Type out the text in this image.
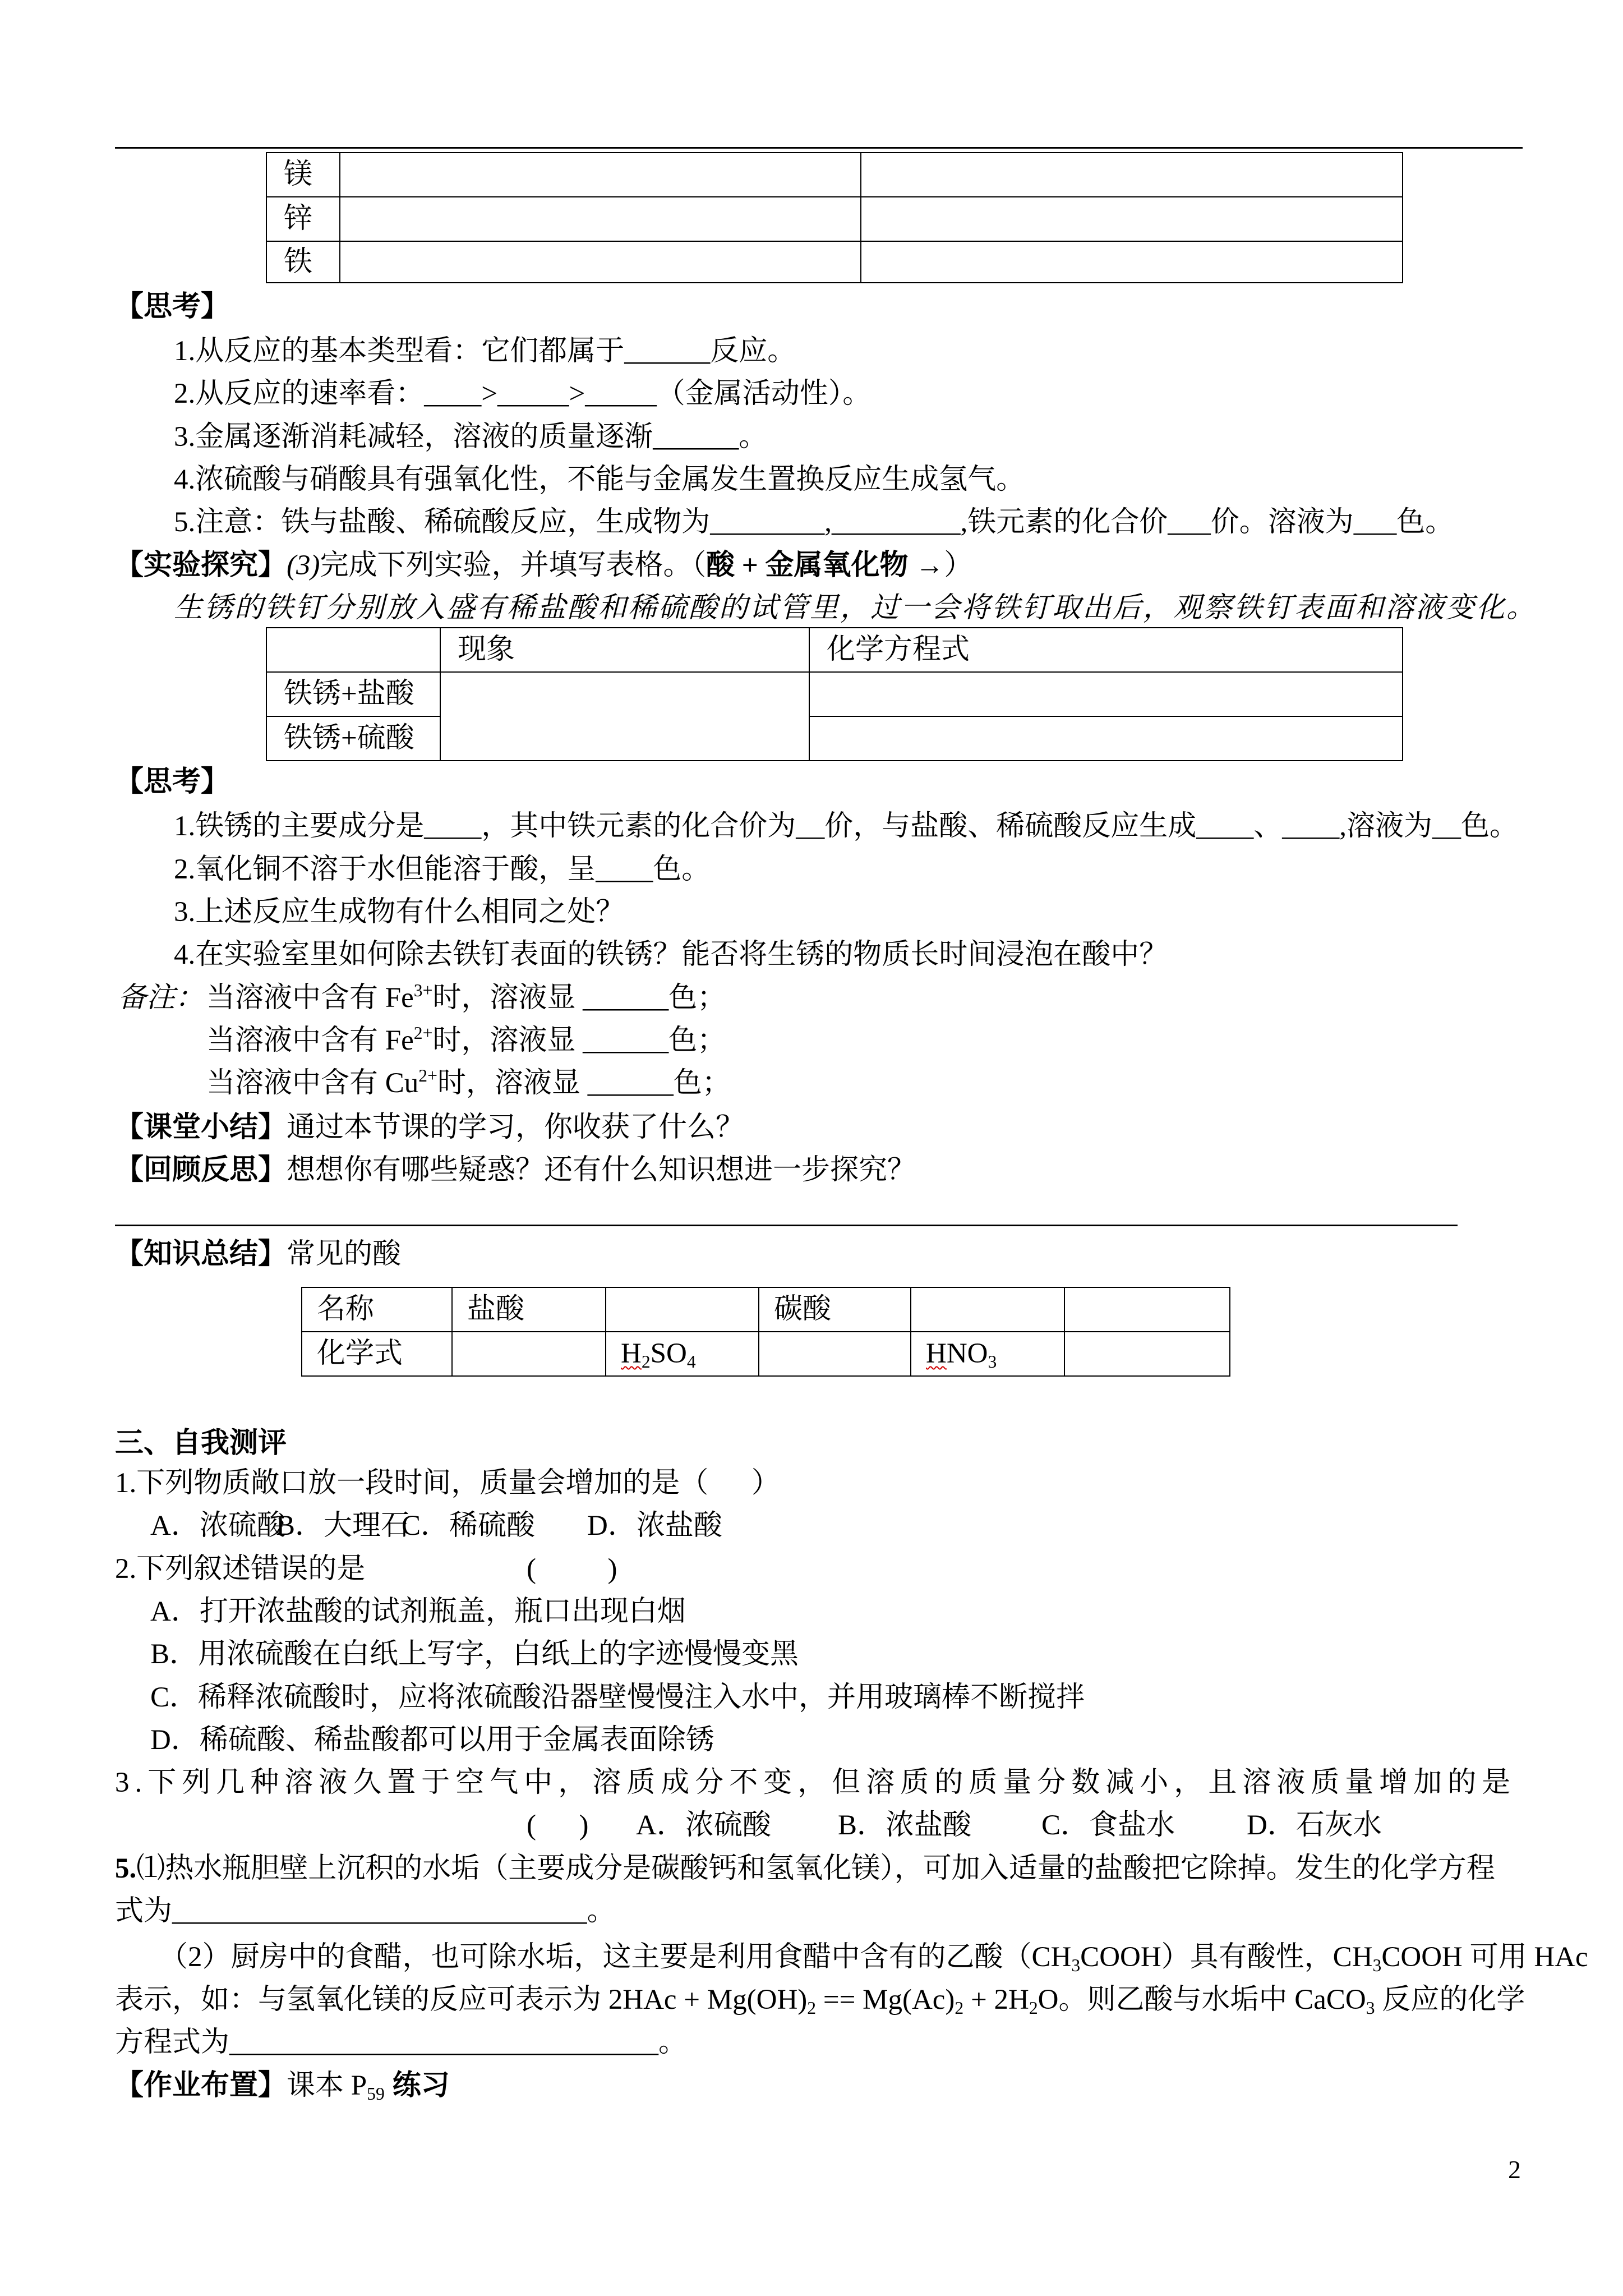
镁		
锌		
铁		
【思考】
1.从反应的基本类型看：它们都属于______反应。
2.从反应的速率看：____>_____>_____（金属活动性）。
3.金属逐渐消耗减轻，溶液的质量逐渐______。
4.浓硫酸与硝酸具有强氧化性，不能与金属发生置换反应生成氢气。
5.注意：铁与盐酸、稀硫酸反应，生成物为________,_________,铁元素的化合价___价。溶液为___色。
【实验探究】(3)完成下列实验，并填写表格。（酸 + 金属氧化物 →）
生锈的铁钉分别放入盛有稀盐酸和稀硫酸的试管里，过一会将铁钉取出后，观察铁钉表面和溶液变化。
	现象	化学方程式
铁锈+盐酸		
铁锈+硫酸		
【思考】
1.铁锈的主要成分是____，其中铁元素的化合价为__价，与盐酸、稀硫酸反应生成____、____,溶液为__色。
2.氧化铜不溶于水但能溶于酸，呈____色。
3.上述反应生成物有什么相同之处？
4.在实验室里如何除去铁钉表面的铁锈？能否将生锈的物质长时间浸泡在酸中？
备注： 当溶液中含有 $Fe^{3+}$时，溶液显 ______色；
当溶液中含有 $Fe^{2+}$时，溶液显 ______色；
当溶液中含有 $Cu^{2+}$时，溶液显 ______色；
【课堂小结】通过本节课的学习，你收获了什么？
【回顾反思】想想你有哪些疑惑？还有什么知识想进一步探究？
【知识总结】常见的酸
名称	盐酸		碳酸		
化学式		$H_2SO_4$		$HNO_3$	
三、自我测评
1.下列物质敞口放一段时间，质量会增加的是（      ）
A．浓硫酸
B．大理石
C．稀硫酸 D．浓盐酸
2.下列叙述错误的是	(          )
A．打开浓盐酸的试剂瓶盖，瓶口出现白烟
B．用浓硫酸在白纸上写字，白纸上的字迹慢慢变黑
C．稀释浓硫酸时，应将浓硫酸沿器壁慢慢注入水中，并用玻璃棒不断搅拌
D．稀硫酸、稀盐酸都可以用于金属表面除锈
3.下列几种溶液久置于空气中，溶质成分不变，但溶质的质量分数减小，且溶液质量增加的是
(      ) A．浓硫酸 B．浓盐酸 C．食盐水	D．石灰水
5.⑴热水瓶胆壁上沉积的水垢（主要成分是碳酸钙和氢氧化镁），可加入适量的盐酸把它除掉。发生的化学方程
式为_____________________________。
（2）厨房中的食醋，也可除水垢，这主要是利用食醋中含有的乙酸$(CH_3COOH)$具有酸性，$CH_3COOH$ 可用 HAc
表示，如：与氢氧化镁的反应可表示为 $2HAc + Mg(OH)_2 == Mg(Ac)_2 + 2H_2O$。则乙酸与水垢中 CaCO$_3$ 反应的化学
方程式为______________________________。
【作业布置】课本 $P_{59}$ 练习
2
